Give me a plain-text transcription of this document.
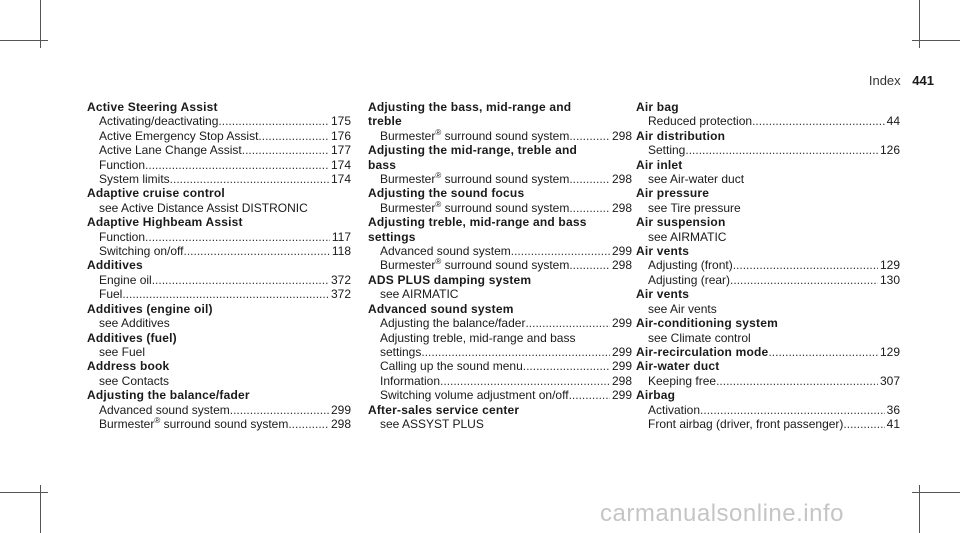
Index 441
Active Steering Assist
Activating/deactivating .....	175
Active Emergency Stop Assist .....	176
Active Lane Change Assist .....	177
Function .....	174
System limits .....	174
Adaptive cruise control
see Active Distance Assist DISTRONIC
Adaptive Highbeam Assist
Function .....	117
Switching on/off .....	118
Additives
Engine oil .....	372
Fuel .....	372
Additives (engine oil)
see Additives
Additives (fuel)
see Fuel
Address book
see Contacts
Adjusting the balance/fader
Advanced sound system .....	299
Burmester® surround sound system .....	298
Adjusting the bass, mid-range and
treble
Burmester® surround sound system .....	298
Adjusting the mid-range, treble and
bass
Burmester® surround sound system .....	298
Adjusting the sound focus
Burmester® surround sound system .....	298
Adjusting treble, mid-range and bass
settings
Advanced sound system .....	299
Burmester® surround sound system .....	298
ADS PLUS damping system
see AIRMATIC
Advanced sound system
Adjusting the balance/fader .....	299
Adjusting treble, mid-range and bass
settings .....	299
Calling up the sound menu .....	299
Information .....	298
Switching volume adjustment on/off .....	299
After-sales service center
see ASSYST PLUS
Air bag
Reduced protection .....	44
Air distribution
Setting .....	126
Air inlet
see Air-water duct
Air pressure
see Tire pressure
Air suspension
see AIRMATIC
Air vents
Adjusting (front) .....	129
Adjusting (rear) .....	130
Air vents
see Air vents
Air-conditioning system
see Climate control
Air-recirculation mode .....	129
Air-water duct
Keeping free .....	307
Airbag
Activation .....	36
Front airbag (driver, front passenger) .....	41
carmanualsonline.info
